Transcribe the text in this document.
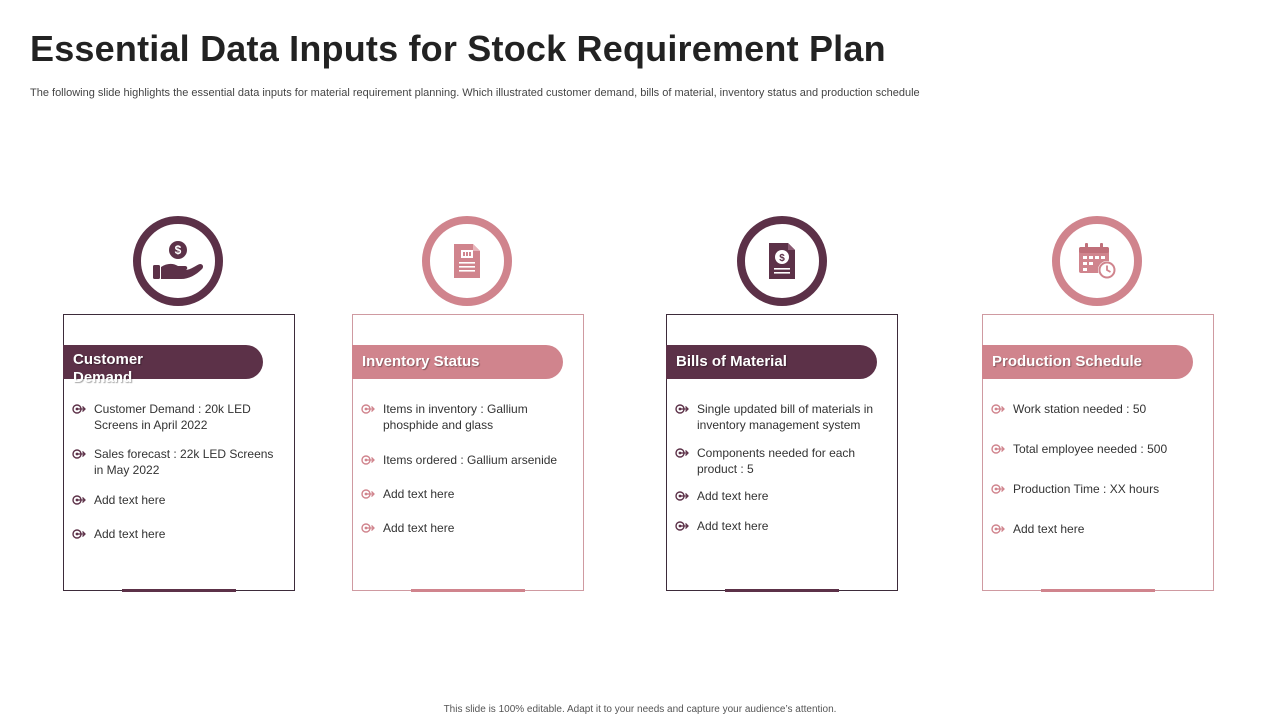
Essential Data Inputs for Stock Requirement Plan
The following slide highlights the essential data inputs for material requirement planning. Which illustrated customer demand, bills of material, inventory status and production schedule
$
Customer
Demand
Customer Demand : 20k LED Screens in April 2022
Sales forecast : 22k LED Screens in May 2022
Add text here
Add text here
Inventory Status
Items in inventory : Gallium phosphide and glass
Items ordered : Gallium arsenide
Add text here
Add text here
$
Bills of Material
Single updated bill of materials in inventory management system
Components needed for each product : 5
Add text here
Add text here
Production Schedule
Work station needed : 50
Total employee needed : 500
Production Time : XX hours
Add text here
This slide is 100% editable. Adapt it to your needs and capture your audience’s attention.
